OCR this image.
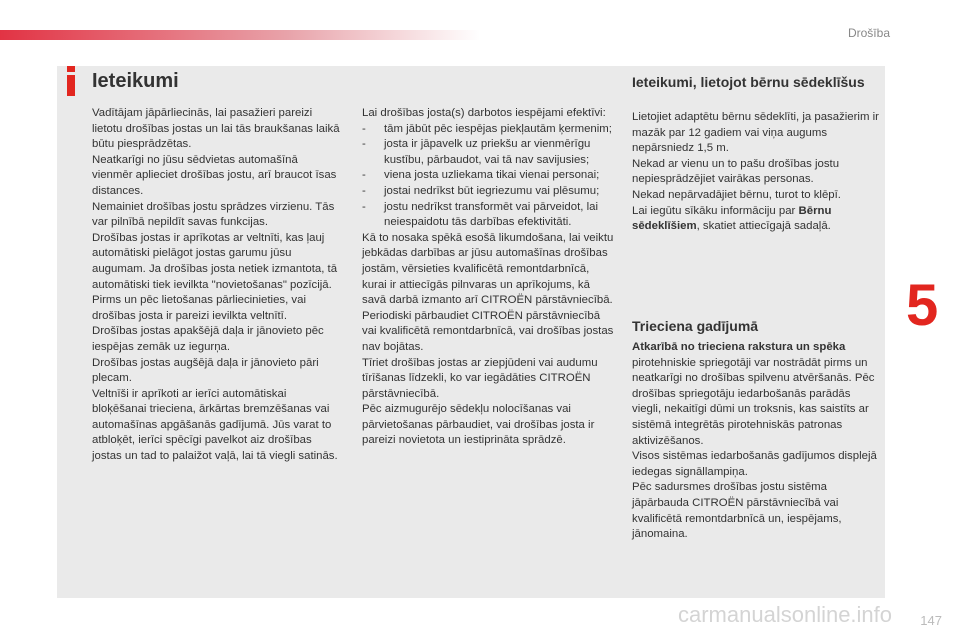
Drošība
5
Ieteikumi

Vadītājam jāpārliecinās, lai pasažieri pareizi lietotu drošības jostas un lai tās braukšanas laikā būtu piesprādzētas.

Neatkarīgi no jūsu sēdvietas automašīnā vienmēr aplieciet drošības jostu, arī braucot īsas distances.

Nemainiet drošības jostu sprādzes virzienu. Tās var pilnībā nepildīt savas funkcijas.

Drošības jostas ir aprīkotas ar veltnīti, kas ļauj automātiski pielāgot jostas garumu jūsu augumam. Ja drošības josta netiek izmantota, tā automātiski tiek ievilkta "novietošanas" pozīcijā.

Pirms un pēc lietošanas pārliecinieties, vai drošības josta ir pareizi ievilkta veltnītī.

Drošības jostas apakšējā daļa ir jānovieto pēc iespējas zemāk uz iegurņa.

Drošības jostas augšējā daļa ir jānovieto pāri plecam.

Veltnīši ir aprīkoti ar ierīci automātiskai bloķēšanai trieciena, ārkārtas bremzēšanas vai automašīnas apgāšanās gadījumā. Jūs varat to atbloķēt, ierīci spēcīgi pavelkot aiz drošības jostas un tad to palaižot vaļā, lai tā viegli satinās.

Lai drošības josta(s) darbotos iespējami efektīvi:

-	tām jābūt pēc iespējas piekļautām ķermenim;
-	josta ir jāpavelk uz priekšu ar vienmērīgu kustību, pārbaudot, vai tā nav savijusies;
-	viena josta uzliekama tikai vienai personai;
-	jostai nedrīkst būt iegriezumu vai plēsumu;
-	jostu nedrīkst transformēt vai pārveidot, lai neiespaidotu tās darbības efektivitāti.

Kā to nosaka spēkā esošā likumdošana, lai veiktu jebkādas darbības ar jūsu automašīnas drošības jostām, vērsieties kvalificētā remontdarbnīcā, kurai ir attiecīgās pilnvaras un aprīkojums, kā savā darbā izmanto arī CITROËN pārstāvniecībā.

Periodiski pārbaudiet CITROËN pārstāvniecībā vai kvalificētā remontdarbnīcā, vai drošības jostas nav bojātas.

Tīriet drošības jostas ar ziepjūdeni vai audumu tīrīšanas līdzekli, ko var iegādāties CITROËN pārstāvniecībā.

Pēc aizmugurējo sēdekļu nolocīšanas vai pārvietošanas pārbaudiet, vai drošības josta ir pareizi novietota un iestiprināta sprādzē.

Ieteikumi, lietojot bērnu sēdeklīšus

Lietojiet adaptētu bērnu sēdeklīti, ja pasažierim ir mazāk par 12 gadiem vai viņa augums nepārsniedz 1,5 m.

Nekad ar vienu un to pašu drošības jostu nepiesprādzējiet vairākas personas.

Nekad nepārvadājiet bērnu, turot to klēpī.

Lai iegūtu sīkāku informāciju par Bērnu sēdeklīšiem, skatiet attiecīgajā sadaļā.

Trieciena gadījumā

Atkarībā no trieciena rakstura un spēka

pirotehniskie spriegotāji var nostrādāt pirms un neatkarīgi no drošības spilvenu atvēršanās. Pēc drošības spriegotāju iedarbošanās parādās viegli, nekaitīgi dūmi un troksnis, kas saistīts ar sistēmā integrētās pirotehniskās patronas aktivizēšanos.

Visos sistēmas iedarbošanās gadījumos displejā iedegas signāllampiņa.

Pēc sadursmes drošības jostu sistēma jāpārbauda CITROËN pārstāvniecībā vai kvalificētā remontdarbnīcā un, iespējams, jānomaina.

carmanualsonline.info 147
